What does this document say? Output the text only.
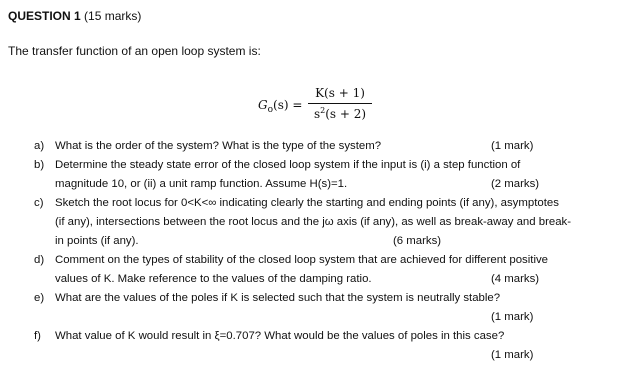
QUESTION 1 (15 marks)
The transfer function of an open loop system is:
$G_o(s)$ =
K(s + 1)
$s^2(s + 2)$
a) What is the order of the system? What is the type of the system?	(1 mark)
b) Determine the steady state error of the closed loop system if the input is (i) a step function of
magnitude 10, or (ii) a unit ramp function. Assume H(s)=1.	(2 marks)
c) Sketch the root locus for 0<K<∞ indicating clearly the starting and ending points (if any), asymptotes
(if any), intersections between the root locus and the jω axis (if any), as well as break-away and break-
in points (if any).	(6 marks)
d) Comment on the types of stability of the closed loop system that are achieved for different positive
values of K. Make reference to the values of the damping ratio.	(4 marks)
e) What are the values of the poles if K is selected such that the system is neutrally stable?
(1 mark)
f) What value of K would result in ξ=0.707? What would be the values of poles in this case?
(1 mark)
